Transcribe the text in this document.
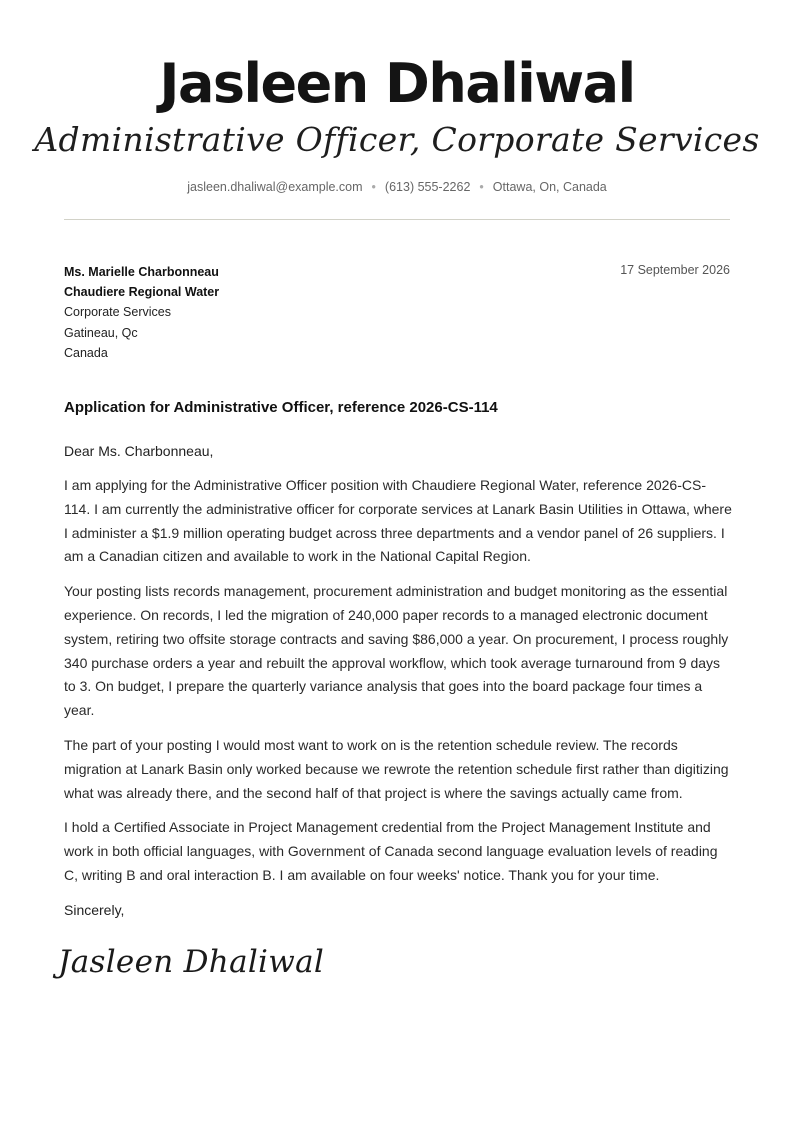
Jasleen Dhaliwal
Administrative Officer, Corporate Services
jasleen.dhaliwal@example.com • (613) 555-2262 • Ottawa, On, Canada
17 September 2026
Ms. Marielle Charbonneau
Chaudiere Regional Water
Corporate Services
Gatineau, Qc
Canada
Application for Administrative Officer, reference 2026-CS-114
Dear Ms. Charbonneau,

I am applying for the Administrative Officer position with Chaudiere Regional Water, reference 2026-CS-114. I am currently the administrative officer for corporate services at Lanark Basin Utilities in Ottawa, where I administer a $1.9 million operating budget across three departments and a vendor panel of 26 suppliers. I am a Canadian citizen and available to work in the National Capital Region.

Your posting lists records management, procurement administration and budget monitoring as the essential experience. On records, I led the migration of 240,000 paper records to a managed electronic document system, retiring two offsite storage contracts and saving $86,000 a year. On procurement, I process roughly 340 purchase orders a year and rebuilt the approval workflow, which took average turnaround from 9 days to 3. On budget, I prepare the quarterly variance analysis that goes into the board package four times a year.

The part of your posting I would most want to work on is the retention schedule review. The records migration at Lanark Basin only worked because we rewrote the retention schedule first rather than digitizing what was already there, and the second half of that project is where the savings actually came from.

I hold a Certified Associate in Project Management credential from the Project Management Institute and work in both official languages, with Government of Canada second language evaluation levels of reading C, writing B and oral interaction B. I am available on four weeks' notice. Thank you for your time.

Sincerely,
Jasleen Dhaliwal
